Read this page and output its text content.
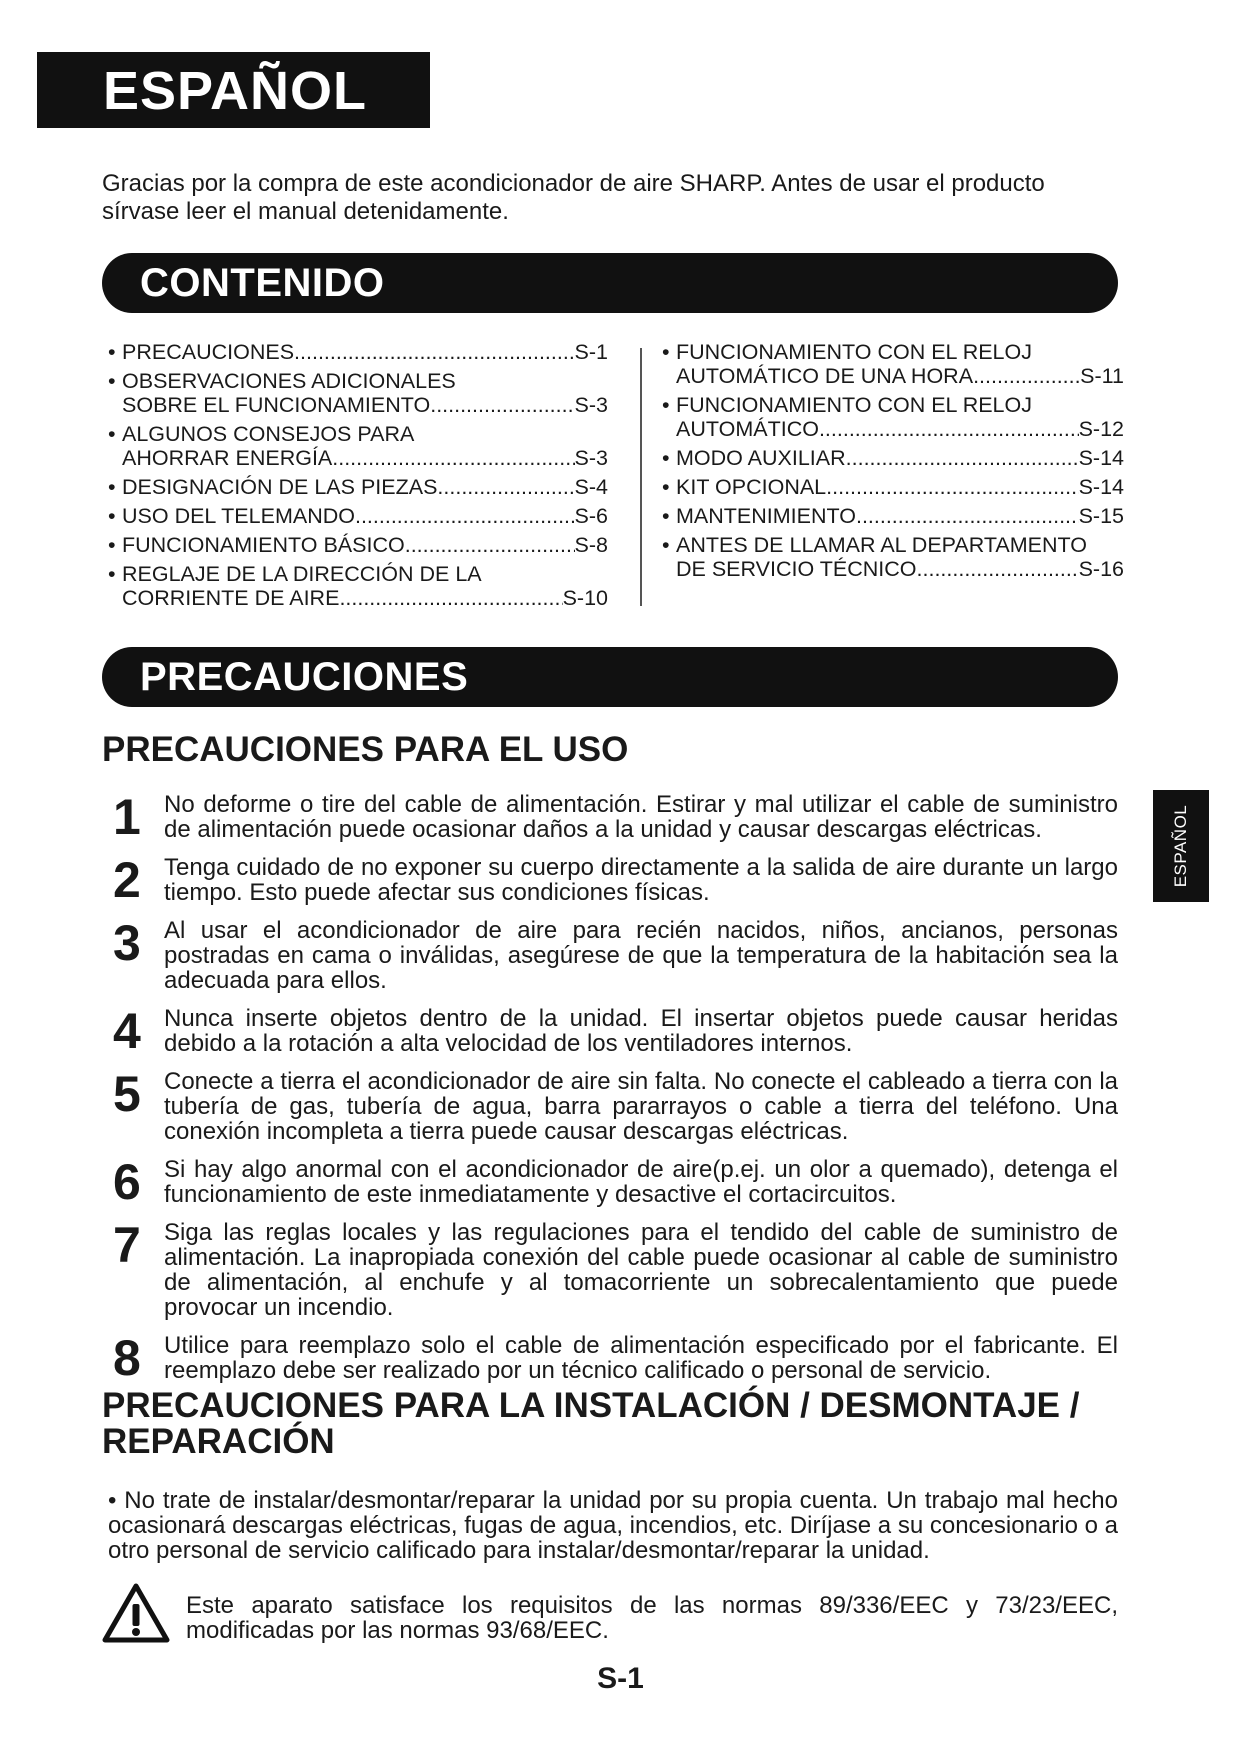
ESPAÑOL

Gracias por la compra de este acondicionador de aire SHARP. Antes de usar el producto sírvase leer el manual detenidamente.

CONTENIDO
• PRECAUCIONES .....	S-1
• OBSERVACIONES ADICIONALES
SOBRE EL FUNCIONAMIENTO .....	S-3
• ALGUNOS CONSEJOS PARA
AHORRAR ENERGÍA .....	S-3
• DESIGNACIÓN DE LAS PIEZAS .....	S-4
• USO DEL TELEMANDO .....	S-6
• FUNCIONAMIENTO BÁSICO .....	S-8
• REGLAJE DE LA DIRECCIÓN DE LA
CORRIENTE DE AIRE .....	S-10
• FUNCIONAMIENTO CON EL RELOJ
AUTOMÁTICO DE UNA HORA .....	S-11
• FUNCIONAMIENTO CON EL RELOJ
AUTOMÁTICO .....	S-12
• MODO AUXILIAR .....	S-14
• KIT OPCIONAL .....	S-14
• MANTENIMIENTO .....	S-15
• ANTES DE LLAMAR AL DEPARTAMENTO
DE SERVICIO TÉCNICO .....	S-16
PRECAUCIONES
PRECAUCIONES PARA EL USO
1 No deforme o tire del cable de alimentación. Estirar y mal utilizar el cable de suministro de alimentación puede ocasionar daños a la unidad y causar descargas eléctricas.
2 Tenga cuidado de no exponer su cuerpo directamente a la salida de aire durante un largo tiempo. Esto puede afectar sus condiciones físicas.
3 Al usar el acondicionador de aire para recién nacidos, niños, ancianos, personas postradas en cama o inválidas, asegúrese de que la temperatura de la habitación sea la adecuada para ellos.
4 Nunca inserte objetos dentro de la unidad. El insertar objetos puede causar heridas debido a la rotación a alta velocidad de los ventiladores internos.
5 Conecte a tierra el acondicionador de aire sin falta. No conecte el cableado a tierra con la tubería de gas, tubería de agua, barra pararrayos o cable a tierra del teléfono. Una conexión incompleta a tierra puede causar descargas eléctricas.
6 Si hay algo anormal con el acondicionador de aire(p.ej. un olor a quemado), detenga el funcionamiento de este inmediatamente y desactive el cortacircuitos.
7 Siga las reglas locales y las regulaciones para el tendido del cable de suministro de alimentación. La inapropiada conexión del cable puede ocasionar al cable de suministro de alimentación, al enchufe y al tomacorriente un sobrecalentamiento que puede provocar un incendio.
8 Utilice para reemplazo solo el cable de alimentación especificado por el fabricante. El reemplazo debe ser realizado por un técnico calificado o personal de servicio.
PRECAUCIONES PARA LA INSTALACIÓN / DESMONTAJE / REPARACIÓN

• No trate de instalar/desmontar/reparar la unidad por su propia cuenta. Un trabajo mal hecho ocasionará descargas eléctricas, fugas de agua, incendios, etc. Diríjase a su concesionario o a otro personal de servicio calificado para instalar/desmontar/reparar la unidad.

Este aparato satisface los requisitos de las normas 89/336/EEC y 73/23/EEC, modificadas por las normas 93/68/EEC.

S-1
ESPAÑOL
